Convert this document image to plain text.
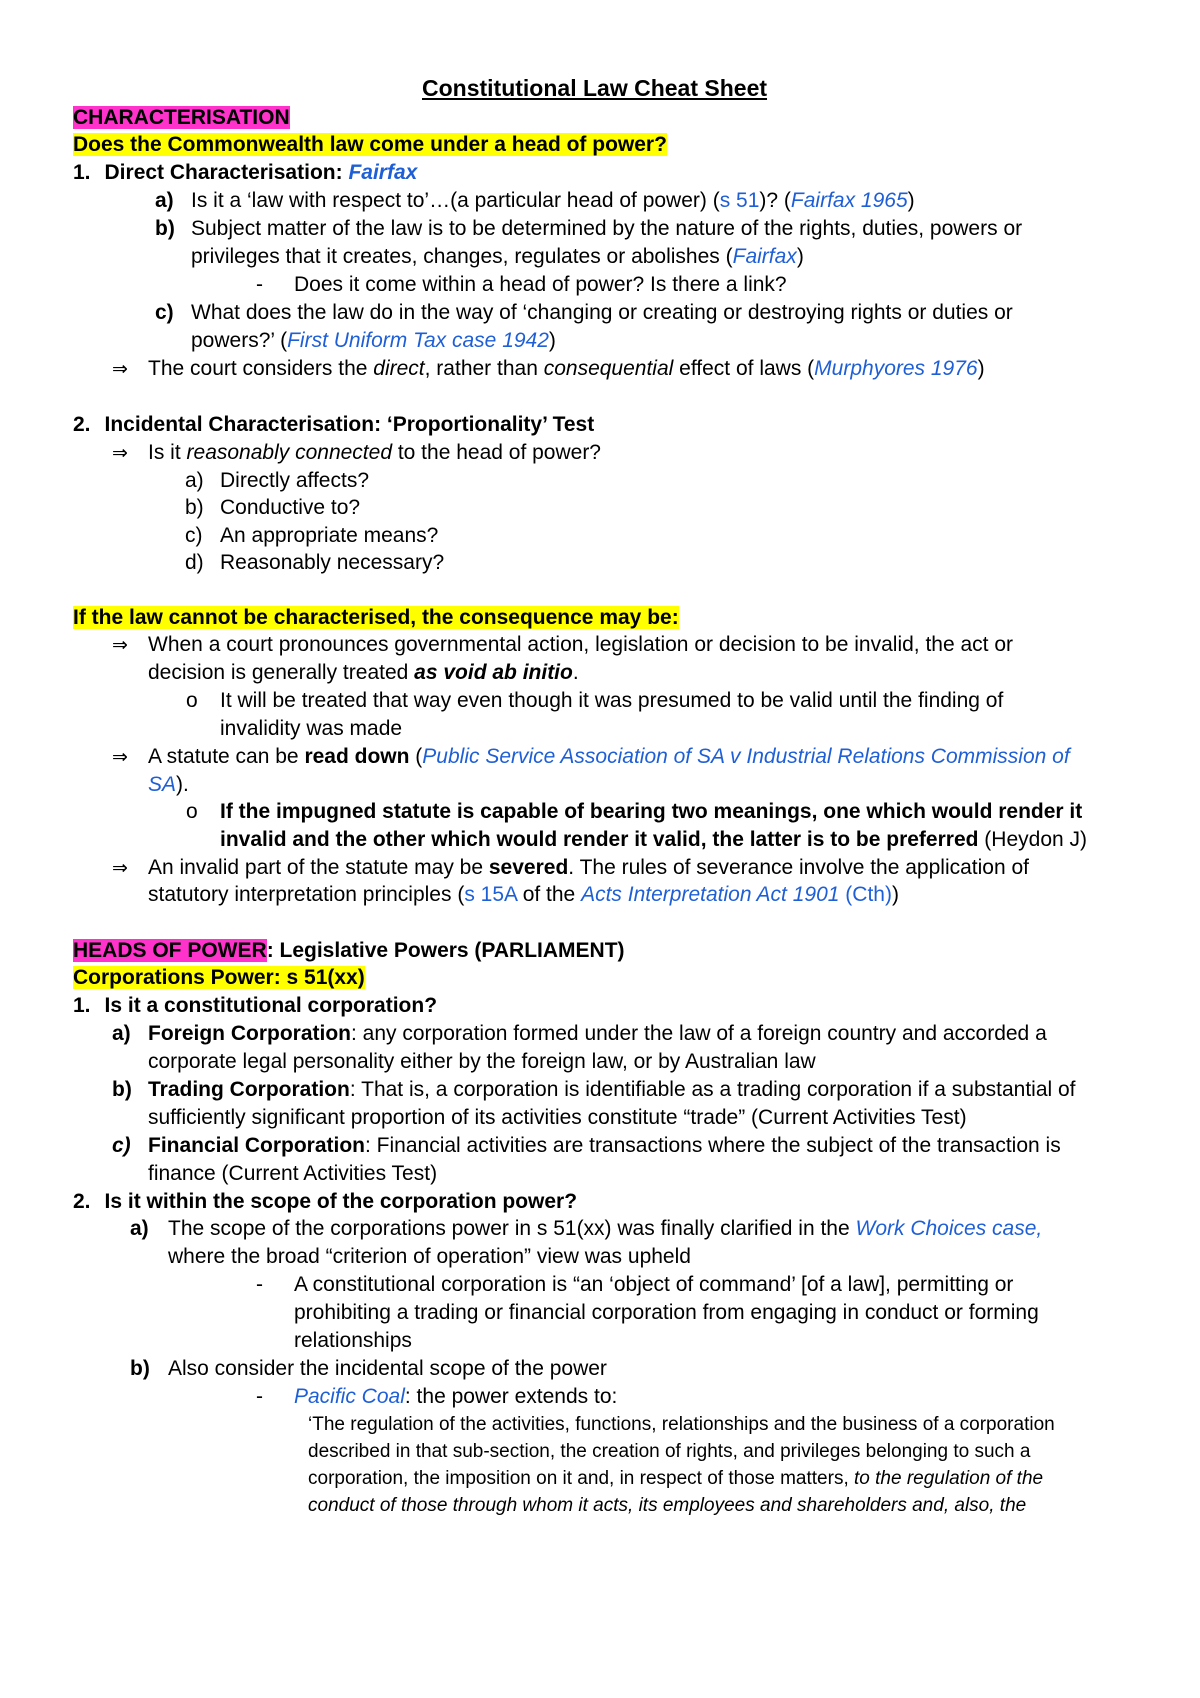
Constitutional Law Cheat Sheet
CHARACTERISATION
Does the Commonwealth law come under a head of power?
1. Direct Characterisation: Fairfax
a) Is it a ‘law with respect to’…(a particular head of power) (s 51)? (Fairfax 1965)
b) Subject matter of the law is to be determined by the nature of the rights, duties, powers or
privileges that it creates, changes, regulates or abolishes (Fairfax)
- Does it come within a head of power? Is there a link?
c) What does the law do in the way of ‘changing or creating or destroying rights or duties or
powers?’ (First Uniform Tax case 1942)
⇒ The court considers the direct, rather than consequential effect of laws (Murphyores 1976)
2. Incidental Characterisation: ‘Proportionality’ Test
⇒ Is it reasonably connected to the head of power?
a) Directly affects?
b) Conductive to?
c) An appropriate means?
d) Reasonably necessary?
If the law cannot be characterised, the consequence may be:
⇒ When a court pronounces governmental action, legislation or decision to be invalid, the act or
decision is generally treated as void ab initio.
o It will be treated that way even though it was presumed to be valid until the finding of
invalidity was made
⇒ A statute can be read down (Public Service Association of SA v Industrial Relations Commission of
SA).
o If the impugned statute is capable of bearing two meanings, one which would render it
invalid and the other which would render it valid, the latter is to be preferred (Heydon J)
⇒ An invalid part of the statute may be severed. The rules of severance involve the application of
statutory interpretation principles (s 15A of the Acts Interpretation Act 1901 (Cth))
HEADS OF POWER: Legislative Powers (PARLIAMENT)
Corporations Power: s 51(xx)
1. Is it a constitutional corporation?
a) Foreign Corporation: any corporation formed under the law of a foreign country and accorded a
corporate legal personality either by the foreign law, or by Australian law
b) Trading Corporation: That is, a corporation is identifiable as a trading corporation if a substantial of
sufficiently significant proportion of its activities constitute “trade” (Current Activities Test)
c) Financial Corporation: Financial activities are transactions where the subject of the transaction is
finance (Current Activities Test)
2. Is it within the scope of the corporation power?
a) The scope of the corporations power in s 51(xx) was finally clarified in the Work Choices case,
where the broad “criterion of operation” view was upheld
- A constitutional corporation is “an ‘object of command’ [of a law], permitting or
prohibiting a trading or financial corporation from engaging in conduct or forming
relationships
b) Also consider the incidental scope of the power
- Pacific Coal: the power extends to:
‘The regulation of the activities, functions, relationships and the business of a corporation
described in that sub-section, the creation of rights, and privileges belonging to such a
corporation, the imposition on it and, in respect of those matters, to the regulation of the
conduct of those through whom it acts, its employees and shareholders and, also, the
